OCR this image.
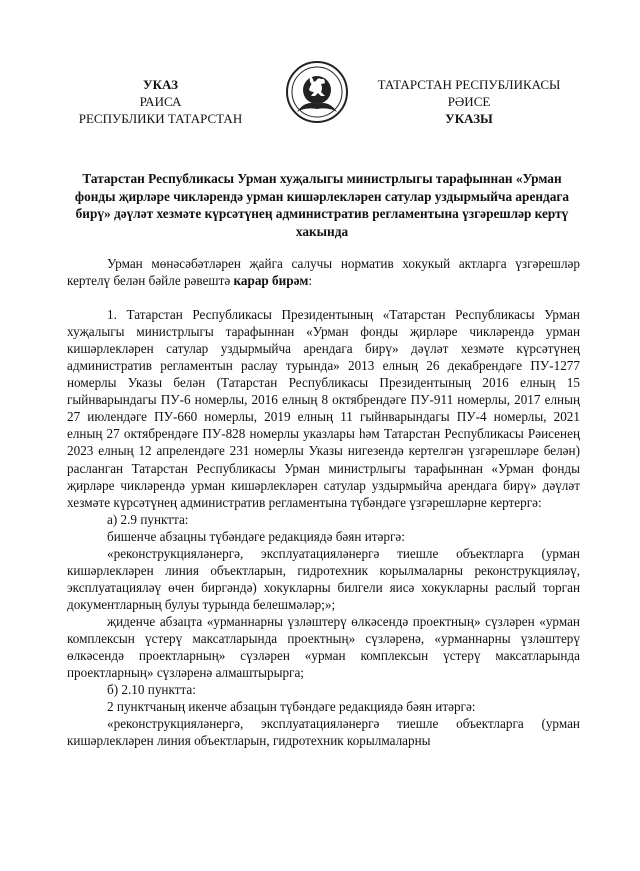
УКАЗ
РАИСА
РЕСПУБЛИКИ ТАТАРСТАН
ТАТАРСТАН РЕСПУБЛИКАСЫ
РӘИСЕ
УКАЗЫ
Татарстан Республикасы Урман хуҗалыгы министрлыгы тарафыннан «Урман фонды җирләре чикләрендә урман кишәрлекләрен сатулар уздырмыйча арендага бирү» дәүләт хезмәте күрсәтүнең административ регламентына үзгәрешләр кертү хакында

Урман мөнәсәбәтләрен җайга салучы норматив хокукый актларга үзгәрешләр кертелү белән бәйле рәвештә карар бирәм:

1. Татарстан Республикасы Президентының «Татарстан Республикасы Урман хуҗалыгы министрлыгы тарафыннан «Урман фонды җирләре чикләрендә урман кишәрлекләрен сатулар уздырмыйча арендага бирү» дәүләт хезмәте күрсәтүнең административ регламентын раслау турында» 2013 елның 26 декабрендәге ПУ-1277 номерлы Указы белән (Татарстан Республикасы Президентының 2016 елның 15 гыйнварындагы ПУ-6 номерлы, 2016 елның 8 октябрендәге ПУ-911 номерлы, 2017 елның 27 июлендәге ПУ-660 номерлы, 2019 елның 11 гыйнварындагы ПУ-4 номерлы, 2021 елның 27 октябрендәге ПУ-828 номерлы указлары һәм Татарстан Республикасы Рәисенең 2023 елның 12 апрелендәге 231 номерлы Указы нигезендә кертелгән үзгәрешләре белән) расланган Татарстан Республикасы Урман министрлыгы тарафыннан «Урман фонды җирләре чикләрендә урман кишәрлекләрен сатулар уздырмыйча арендага бирү» дәүләт хезмәте күрсәтүнең административ регламентына түбәндәге үзгәрешләрне кертергә:

а) 2.9 пунктта:

бишенче абзацны түбәндәге редакциядә бәян итәргә:

«реконструкцияләнергә, эксплуатацияләнергә тиешле объектларга (урман кишәрлекләрен линия объектларын, гидротехник корылмаларны реконструкцияләү, эксплуатацияләү өчен биргәндә) хокукларны билгели яисә хокукларны раслый торган документларның булуы турында белешмәләр;»;

җиденче абзацта «урманнарны үзләштерү өлкәсендә проектның» сүзләрен «урман комплексын үстерү максатларында проектның» сүзләренә, «урманнарны үзләштерү өлкәсендә проектларның» сүзләрен «урман комплексын үстерү максатларында проектларның» сүзләренә алмаштырырга;

б) 2.10 пунктта:

2 пунктчаның икенче абзацын түбәндәге редакциядә бәян итәргә:

«реконструкцияләнергә, эксплуатацияләнергә тиешле объектларга (урман кишәрлекләрен линия объектларын, гидротехник корылмаларны
